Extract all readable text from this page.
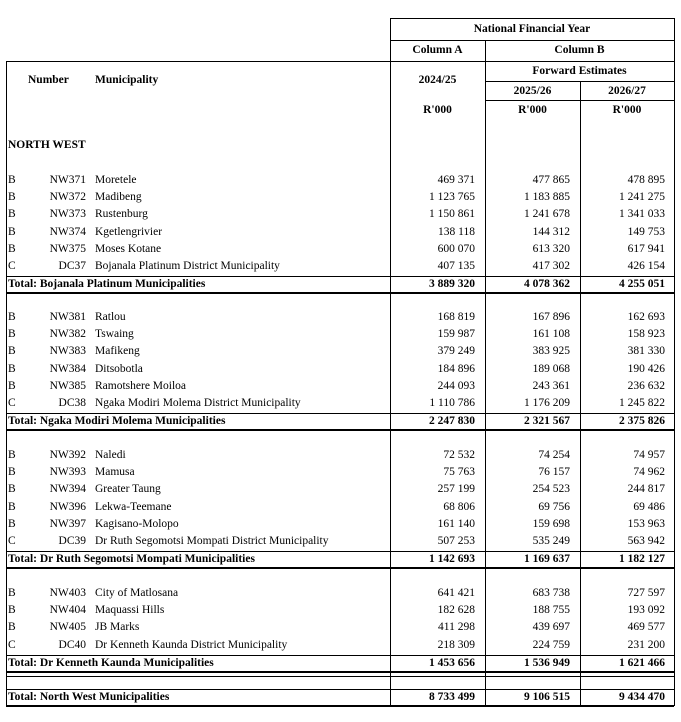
National Financial Year
Column A	Column B
Forward Estimates
Number Municipality	2024/25
2025/26	2026/27
R'000	R'000	R'000
NORTH WEST
B	NW371 Moretele	469 371	477 865	478 895
B	NW372 Madibeng	1 123 765	1 183 885	1 241 275
B	NW373 Rustenburg	1 150 861	1 241 678	1 341 033
B	NW374 Kgetlengrivier	138 118	144 312	149 753
B	NW375 Moses Kotane	600 070	613 320	617 941
C	DC37 Bojanala Platinum District Municipality	407 135	417 302	426 154
Total: Bojanala Platinum Municipalities	3 889 320	4 078 362	4 255 051
B	NW381 Ratlou	168 819	167 896	162 693
B	NW382 Tswaing	159 987	161 108	158 923
B	NW383 Mafikeng	379 249	383 925	381 330
B	NW384 Ditsobotla	184 896	189 068	190 426
B	NW385 Ramotshere Moiloa	244 093	243 361	236 632
C	DC38 Ngaka Modiri Molema District Municipality	1 110 786	1 176 209	1 245 822
Total: Ngaka Modiri Molema Municipalities	2 247 830	2 321 567	2 375 826
B	NW392 Naledi	72 532	74 254	74 957
B	NW393 Mamusa	75 763	76 157	74 962
B	NW394 Greater Taung	257 199	254 523	244 817
B	NW396 Lekwa-Teemane	68 806	69 756	69 486
B	NW397 Kagisano-Molopo	161 140	159 698	153 963
C	DC39 Dr Ruth Segomotsi Mompati District Municipality	507 253	535 249	563 942
Total: Dr Ruth Segomotsi Mompati Municipalities	1 142 693	1 169 637	1 182 127
B	NW403 City of Matlosana	641 421	683 738	727 597
B	NW404 Maquassi Hills	182 628	188 755	193 092
B	NW405 JB Marks	411 298	439 697	469 577
C	DC40 Dr Kenneth Kaunda District Municipality	218 309	224 759	231 200
Total: Dr Kenneth Kaunda Municipalities	1 453 656	1 536 949	1 621 466
Total: North West Municipalities	8 733 499	9 106 515	9 434 470
